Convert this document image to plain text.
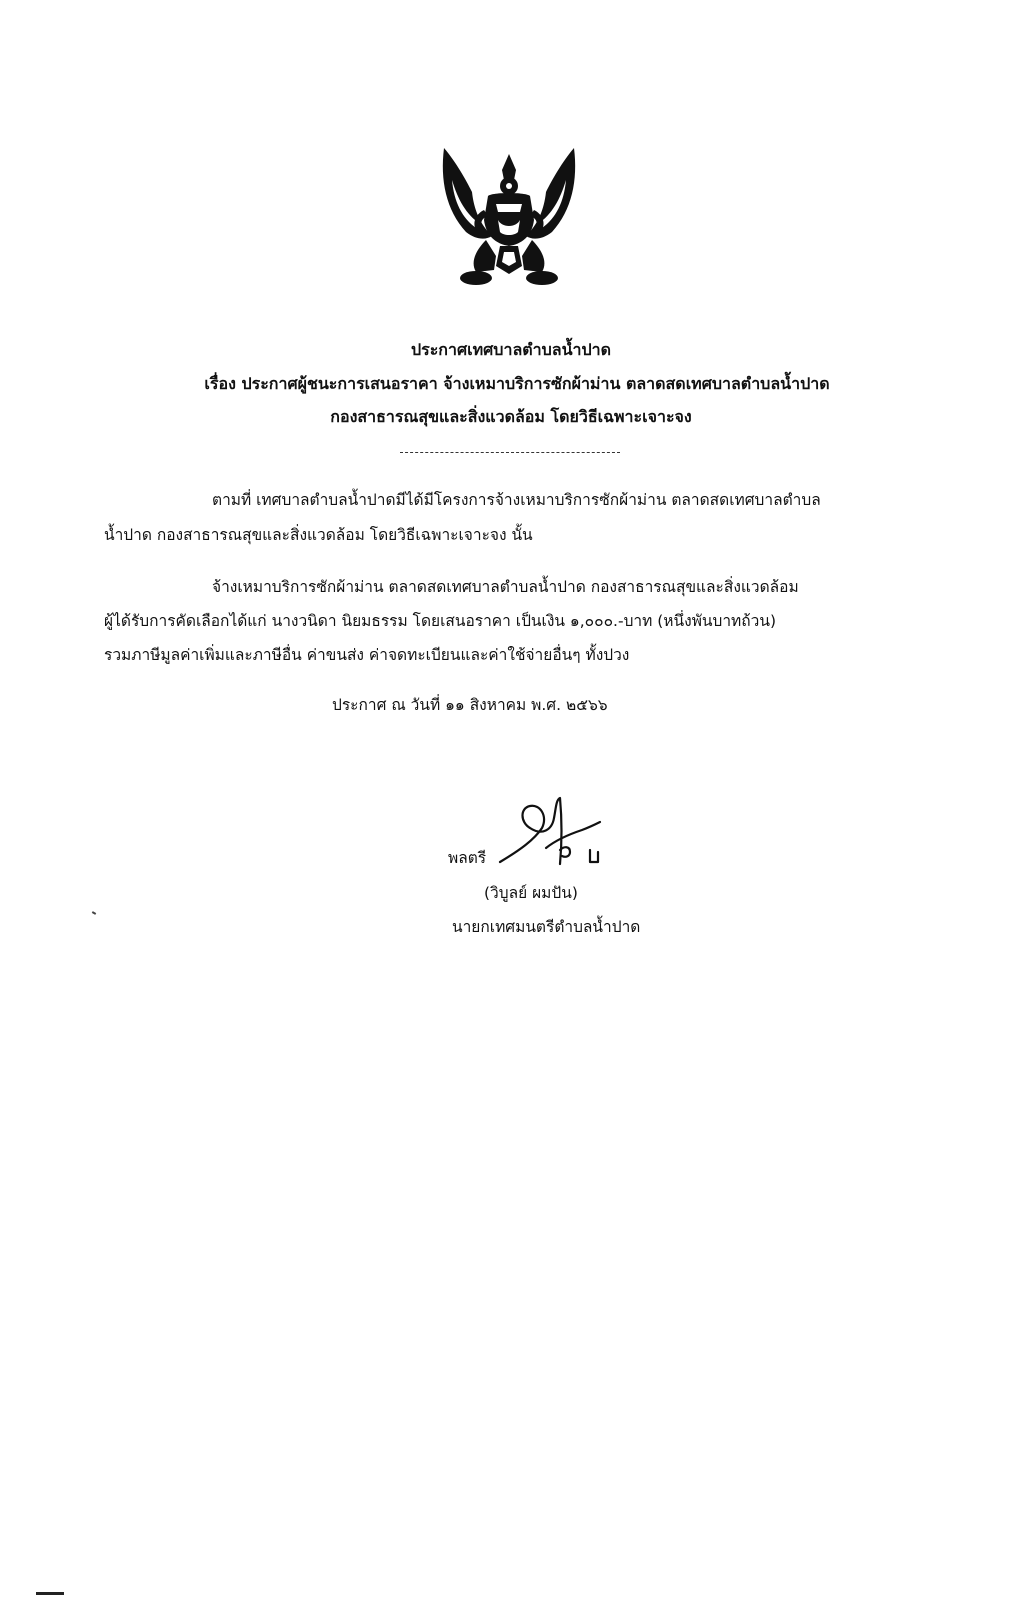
ประกาศเทศบาลตำบลน้ำปาด
เรื่อง ประกาศผู้ชนะการเสนอราคา จ้างเหมาบริการซักผ้าม่าน ตลาดสดเทศบาลตำบลน้ำปาด
กองสาธารณสุขและสิ่งแวดล้อม โดยวิธีเฉพาะเจาะจง
ตามที่ เทศบาลตำบลน้ำปาดมีได้มีโครงการจ้างเหมาบริการซักผ้าม่าน ตลาดสดเทศบาลตำบล
น้ำปาด กองสาธารณสุขและสิ่งแวดล้อม โดยวิธีเฉพาะเจาะจง นั้น
จ้างเหมาบริการซักผ้าม่าน ตลาดสดเทศบาลตำบลน้ำปาด กองสาธารณสุขและสิ่งแวดล้อม
ผู้ได้รับการคัดเลือกได้แก่ นางวนิดา นิยมธรรม โดยเสนอราคา เป็นเงิน ๑,๐๐๐.-บาท (หนึ่งพันบาทถ้วน)
รวมภาษีมูลค่าเพิ่มและภาษีอื่น ค่าขนส่ง ค่าจดทะเบียนและค่าใช้จ่ายอื่นๆ ทั้งปวง
ประกาศ ณ วันที่ ๑๑ สิงหาคม พ.ศ. ๒๕๖๖
พลตรี
(วิบูลย์ ผมปัน)
นายกเทศมนตรีตำบลน้ำปาด
